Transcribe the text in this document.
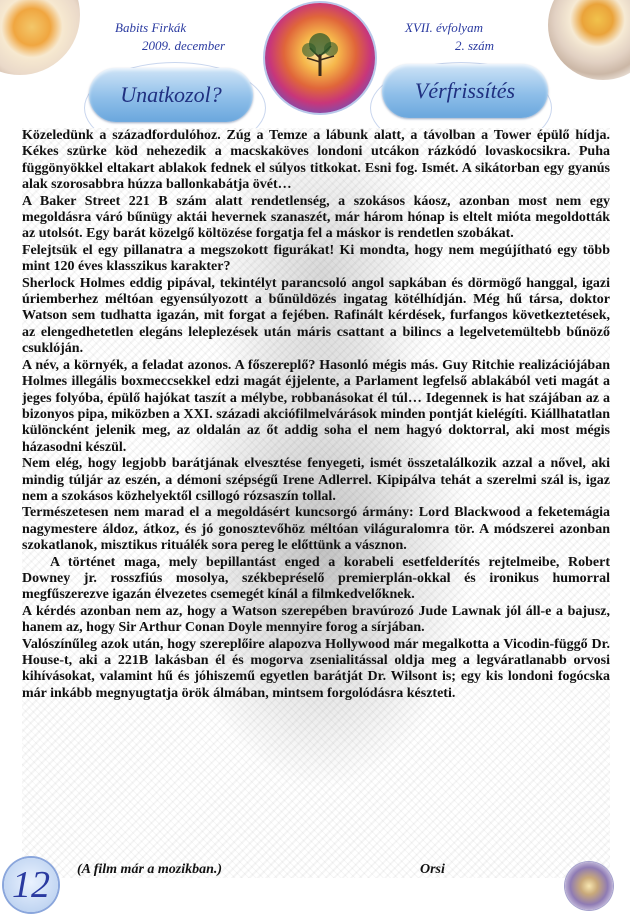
Babits Firkák
2009. december
XVII. évfolyam
2. szám
Unatkozol?	Vérfrissítés

Közeledünk a századfordulóhoz. Zúg a Temze a lábunk alatt, a távolban a Tower épülő hídja. Kékes szürke köd nehezedik a macskaköves londoni utcákon rázkódó lovaskocsikra. Puha függönyökkel eltakart ablakok fednek el súlyos titkokat. Esni fog. Ismét. A sikátorban egy gyanús alak szorosabbra húzza ballonkabátja övét…

A Baker Street 221 B szám alatt rendetlenség, a szokásos káosz, azonban most nem egy megoldásra váró bűnügy aktái hevernek szanaszét, már három hónap is eltelt mióta megoldották az utolsót. Egy barát közelgő költözése forgatja fel a máskor is rendetlen szobákat.

Felejtsük el egy pillanatra a megszokott figurákat! Ki mondta, hogy nem megújítható egy több mint 120 éves klasszikus karakter?

Sherlock Holmes eddig pipával, tekintélyt parancsoló angol sapkában és dörmögő hanggal, igazi úriemberhez méltóan egyensúlyozott a bűnüldözés ingatag kötélhídján. Még hű társa, doktor Watson sem tudhatta igazán, mit forgat a fejében. Rafinált kérdések, furfangos következtetések, az elengedhetetlen elegáns leleplezések után máris csattant a bilincs a legelvetemültebb bűnöző csuklóján.

A név, a környék, a feladat azonos. A főszereplő? Hasonló mégis más. Guy Ritchie realizációjában Holmes illegális boxmeccsekkel edzi magát éjjelente, a Parlament legfelső ablakából veti magát a jeges folyóba, épülő hajókat taszít a mélybe, robbanásokat él túl… Idegennek is hat szájában az a bizonyos pipa, miközben a XXI. századi akciófilmelvárások minden pontját kielégíti. Kiállhatatlan különcként jelenik meg, az oldalán az őt addig soha el nem hagyó doktorral, aki most mégis házasodni készül.

Nem elég, hogy legjobb barátjának elvesztése fenyegeti, ismét összetalálkozik azzal a nővel, aki mindig túljár az eszén, a démoni szépségű Irene Adlerrel. Kipipálva tehát a szerelmi szál is, igaz nem a szokásos közhelyektől csillogó rózsaszín tollal.

Természetesen nem marad el a megoldásért kuncsorgó ármány: Lord Blackwood a feketemágia nagymestere áldoz, átkoz, és jó gonosztevőhöz méltóan világuralomra tör. A módszerei azonban szokatlanok, misztikus rituálék sora pereg le előttünk a vásznon.

A történet maga, mely bepillantást enged a korabeli esetfelderítés rejtelmeibe, Robert Downey jr. rosszfiús mosolya, székbepréselő premierplán-okkal és ironikus humorral megfűszerezve igazán élvezetes csemegét kínál a filmkedvelőknek.

A kérdés azonban nem az, hogy a Watson szerepében bravúrozó Jude Lawnak jól áll-e a bajusz, hanem az, hogy Sir Arthur Conan Doyle mennyire forog a sírjában.

Valószínűleg azok után, hogy szereplőire alapozva Hollywood már megalkotta a Vicodin-függő Dr. House-t, aki a 221B lakásban él és mogorva zsenialitással oldja meg a legváratlanabb orvosi kihívásokat, valamint hű és jóhiszemű egyetlen barátját Dr. Wilsont is; egy kis londoni fogócska már inkább megnyugtatja örök álmában, mintsem forgolódásra készteti.

12	(A film már a mozikban.)	Orsi
